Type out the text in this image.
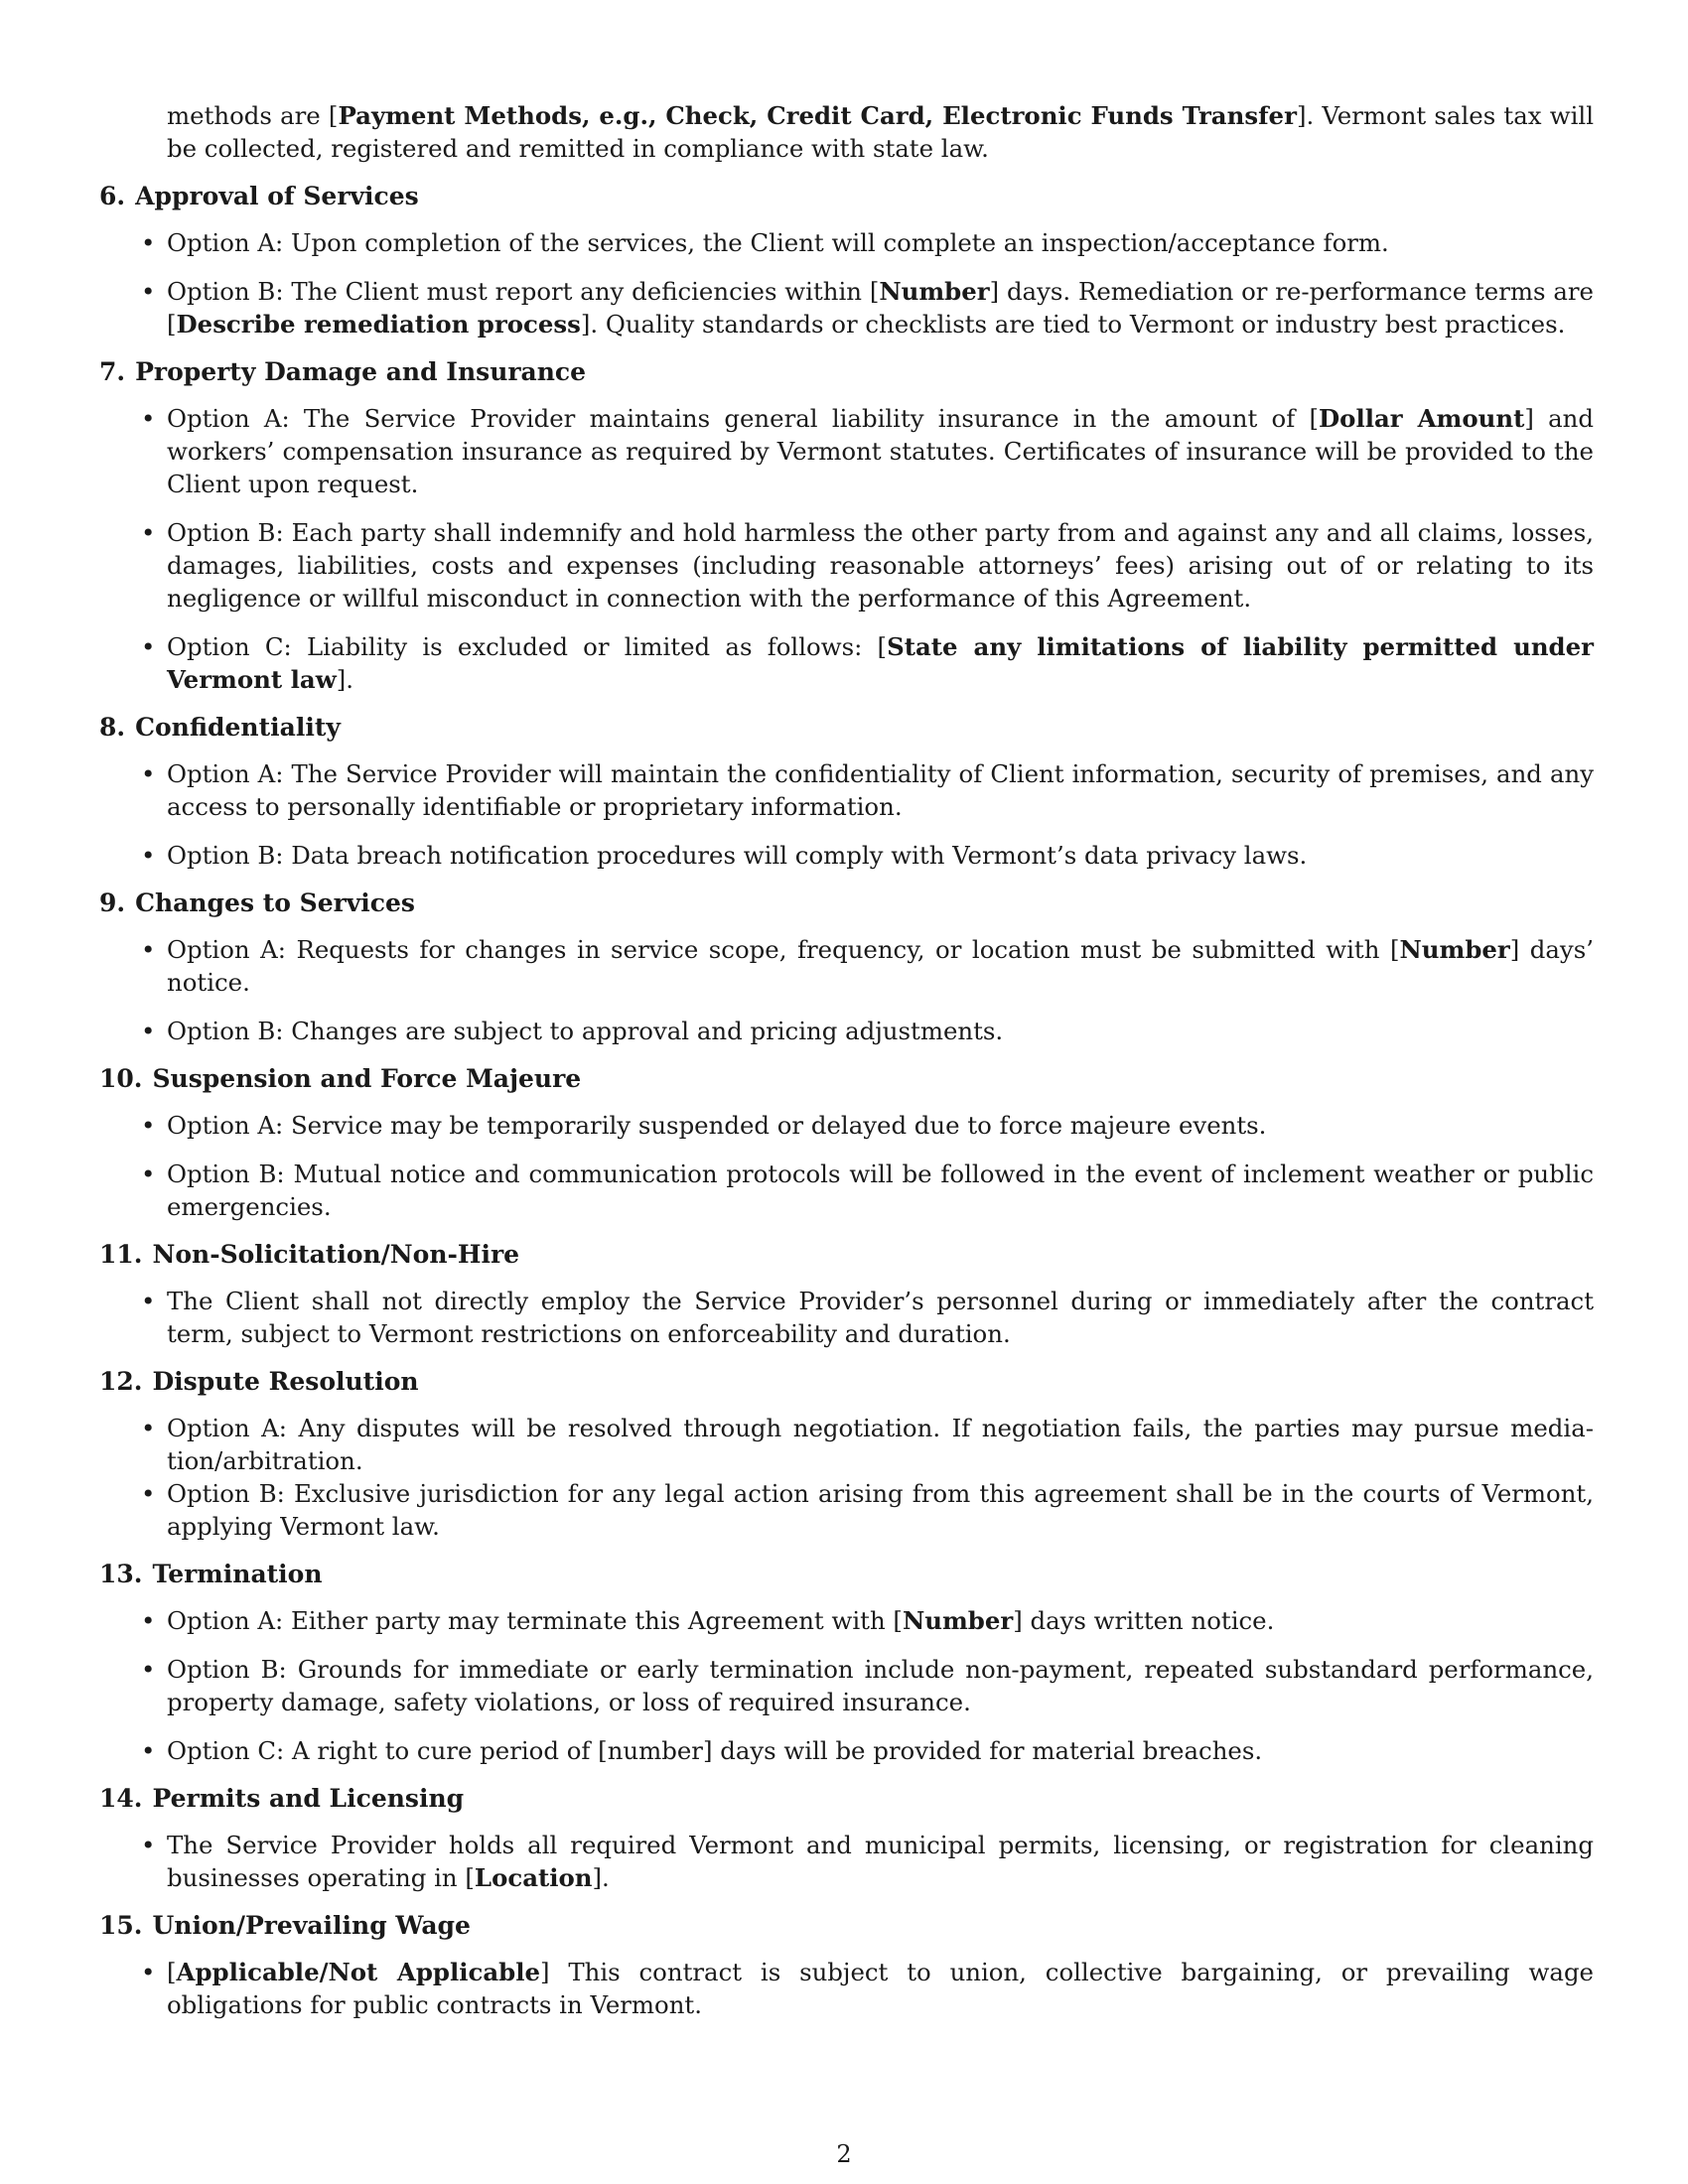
methods are [Payment Methods, e.g., Check, Credit Card, Electronic Funds Transfer]. Vermont sales tax will be collected, registered and remitted in compliance with state law.

6. Approval of Services
• Option A: Upon completion of the services, the Client will complete an inspection/acceptance form.
• Option B: The Client must report any deficiencies within [Number] days. Remediation or re-performance terms are [Describe remediation process]. Quality standards or checklists are tied to Vermont or industry best practices.
7. Property Damage and Insurance
• Option A: The Service Provider maintains general liability insurance in the amount of [Dollar Amount] and workers’ compensation insurance as required by Vermont statutes. Certificates of insurance will be provided to the Client upon request.
• Option B: Each party shall indemnify and hold harmless the other party from and against any and all claims, losses, damages, liabilities, costs and expenses (including reasonable attorneys’ fees) arising out of or relating to its negligence or willful misconduct in connection with the performance of this Agreement.
• Option C: Liability is excluded or limited as follows: [State any limitations of liability permitted under Vermont law].
8. Confidentiality
• Option A: The Service Provider will maintain the confidentiality of Client information, security of premises, and any access to personally identifiable or proprietary information.
• Option B: Data breach notification procedures will comply with Vermont’s data privacy laws.
9. Changes to Services
• Option A: Requests for changes in service scope, frequency, or location must be submitted with [Number] days’ notice.
• Option B: Changes are subject to approval and pricing adjustments.
10. Suspension and Force Majeure
• Option A: Service may be temporarily suspended or delayed due to force majeure events.
• Option B: Mutual notice and communication protocols will be followed in the event of inclement weather or public emergencies.
11. Non-Solicitation/Non-Hire
• The Client shall not directly employ the Service Provider’s personnel during or immediately after the contract term, subject to Vermont restrictions on enforceability and duration.
12. Dispute Resolution
• Option A: Any disputes will be resolved through negotiation. If negotiation fails, the parties may pursue mediation/arbitration.
• Option B: Exclusive jurisdiction for any legal action arising from this agreement shall be in the courts of Vermont, applying Vermont law.
13. Termination
• Option A: Either party may terminate this Agreement with [Number] days written notice.
• Option B: Grounds for immediate or early termination include non-payment, repeated substandard performance, property damage, safety violations, or loss of required insurance.
• Option C: A right to cure period of [number] days will be provided for material breaches.
14. Permits and Licensing
• The Service Provider holds all required Vermont and municipal permits, licensing, or registration for cleaning businesses operating in [Location].
15. Union/Prevailing Wage
• [Applicable/Not Applicable] This contract is subject to union, collective bargaining, or prevailing wage obligations for public contracts in Vermont.
2
